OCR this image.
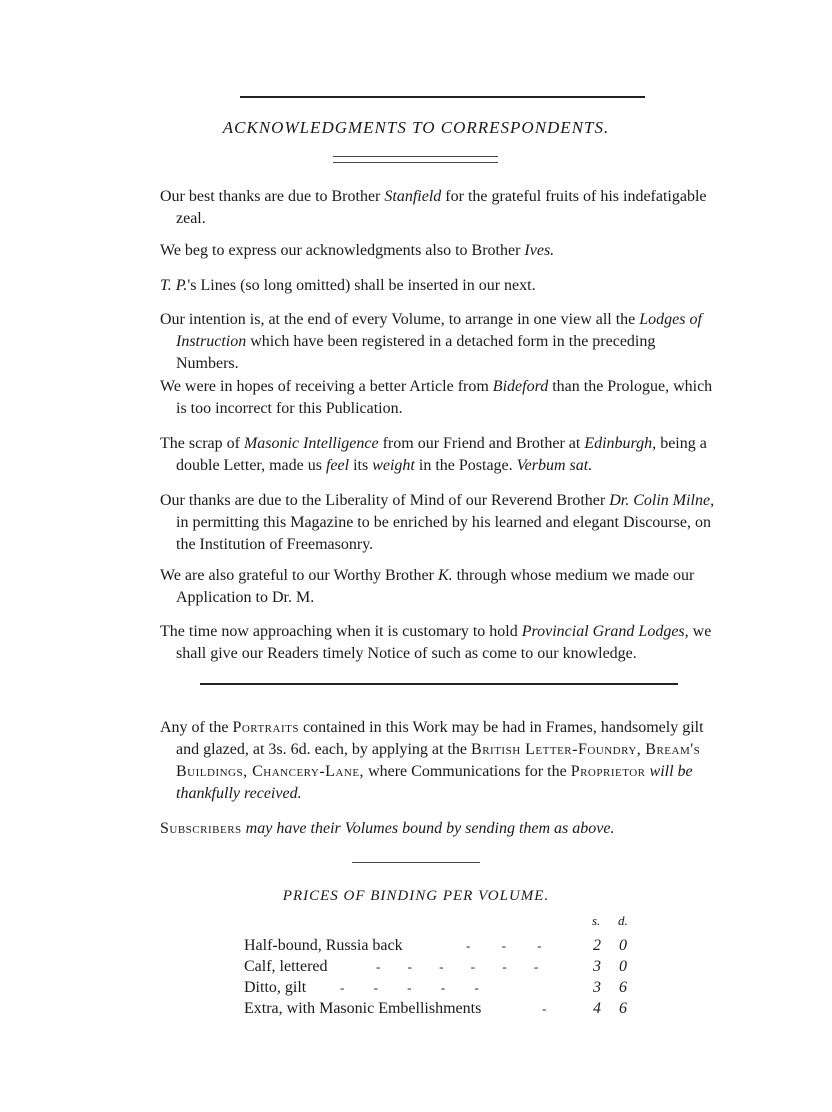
ACKNOWLEDGMENTS TO CORRESPONDENTS.
Our best thanks are due to Brother Stanfield for the grateful fruits of his indefatigable zeal.
We beg to express our acknowledgments also to Brother Ives.
T. P.'s Lines (so long omitted) shall be inserted in our next.
Our intention is, at the end of every Volume, to arrange in one view all the Lodges of Instruction which have been registered in a detached form in the preceding Numbers.
We were in hopes of receiving a better Article from Bideford than the Prologue, which is too incorrect for this Publication.
The scrap of Masonic Intelligence from our Friend and Brother at Edinburgh, being a double Letter, made us feel its weight in the Postage. Verbum sat.
Our thanks are due to the Liberality of Mind of our Reverend Brother Dr. Colin Milne, in permitting this Magazine to be enriched by his learned and elegant Discourse, on the Institution of Freemasonry.
We are also grateful to our Worthy Brother K. through whose medium we made our Application to Dr. M.
The time now approaching when it is customary to hold Provincial Grand Lodges, we shall give our Readers timely Notice of such as come to our knowledge.
Any of the Portraits contained in this Work may be had in Frames, handsomely gilt and glazed, at 3s. 6d. each, by applying at the British Letter-Foundry, Bream's Buildings, Chancery-Lane, where Communications for the Proprietor will be thankfully received.
Subscribers may have their Volumes bound by sending them as above.
PRICES OF BINDING PER VOLUME.
s. d.
Half-bound, Russia back	- - -	2 0
Calf, lettered	- - - - - -	3 0
Ditto, gilt	- - - - -	3 6
Extra, with Masonic Embellishments	-	4 6
